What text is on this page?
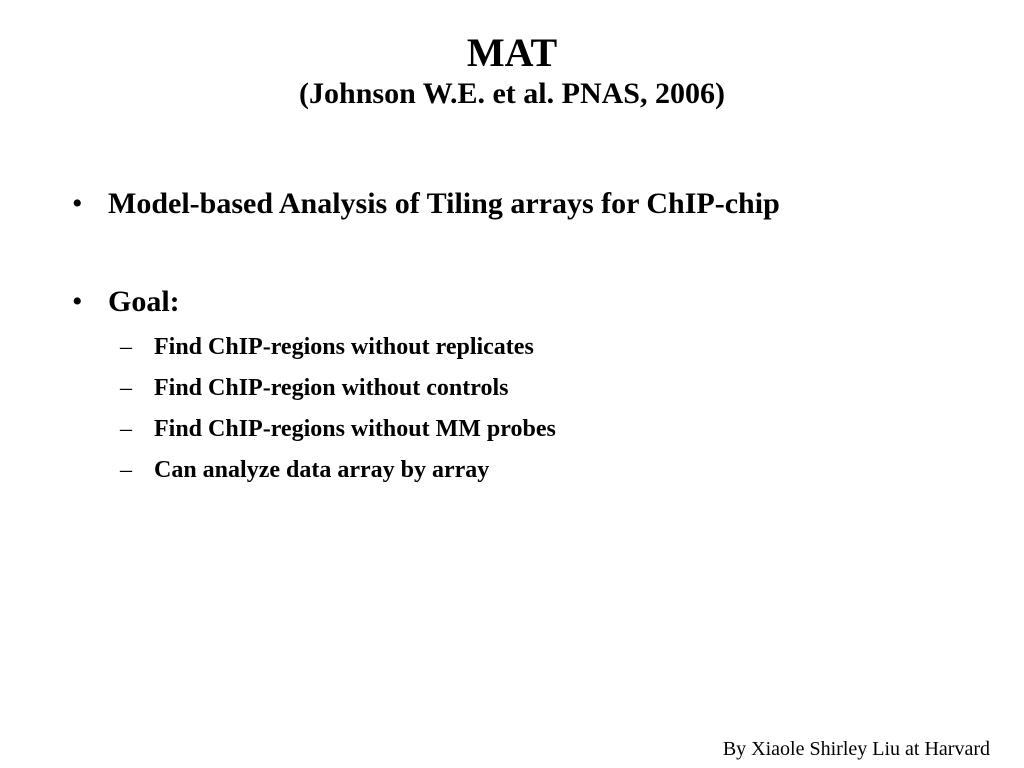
MAT
(Johnson W.E. et al. PNAS, 2006)
• Model-based Analysis of Tiling arrays for ChIP-chip
• Goal:
– Find ChIP-regions without replicates
– Find ChIP-region without controls
– Find ChIP-regions without MM probes
– Can analyze data array by array
By Xiaole Shirley Liu at Harvard
